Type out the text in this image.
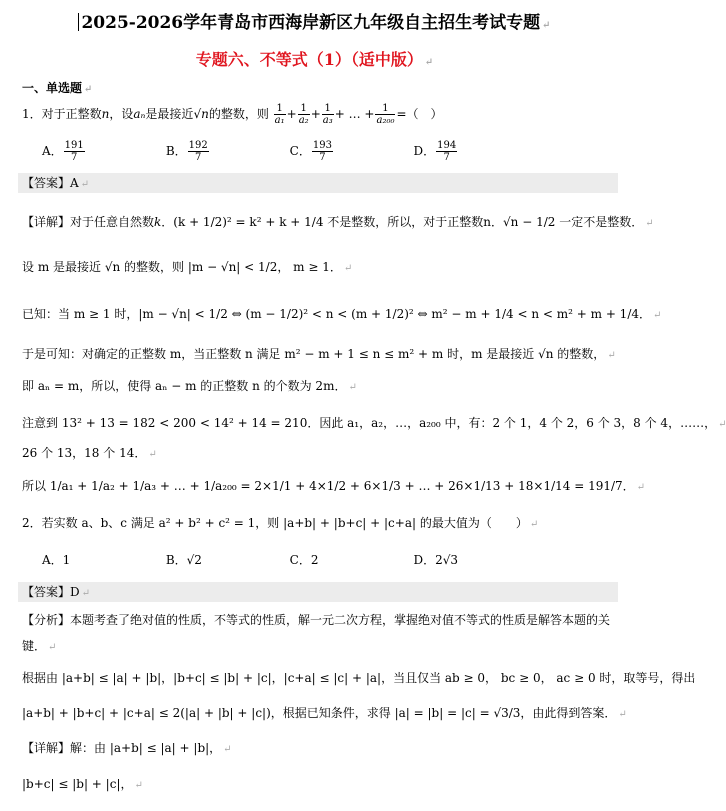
2025-2026学年青岛市西海岸新区九年级自主招生考试专题 ↵
专题六、不等式（1）（适中版） ↵
一、单选题 ↵
1．对于正整数n，设aₙ是最接近√n的整数，则 $\frac{1}{\text{a₁}} + \frac{1}{\text{a₂}} + \frac{1}{\text{a₃}}$ + … + $\frac{1}{\text{a₂₀₀}}$ =（　）
A． $\frac{191}{7}$	B． $\frac{192}{7}$	C． $\frac{193}{7}$	D． $\frac{194}{7}$
【答案】A ↵
【详解】对于任意自然数k．(k + 1/2)² = k² + k + 1/4 不是整数，所以，对于正整数n．√n − 1/2 一定不是整数． ↵
设 m 是最接近 √n 的整数，则 |m − √n| < 1/2， m ≥ 1． ↵
已知：当 m ≥ 1 时，|m − √n| < 1/2 ⇔ (m − 1/2)² < n < (m + 1/2)² ⇔ m² − m + 1/4 < n < m² + m + 1/4． ↵
于是可知：对确定的正整数 m，当正整数 n 满足 m² − m + 1 ≤ n ≤ m² + m 时，m 是最接近 √n 的整数， ↵
即 aₙ = m，所以，使得 aₙ − m 的正整数 n 的个数为 2m． ↵
注意到 13² + 13 = 182 < 200 < 14² + 14 = 210．因此 a₁，a₂，…，a₂₀₀ 中，有：2 个 1，4 个 2，6 个 3，8 个 4，……， ↵
26 个 13，18 个 14． ↵
所以 1/a₁ + 1/a₂ + 1/a₃ + … + 1/a₂₀₀ = 2×1/1 + 4×1/2 + 6×1/3 + … + 26×1/13 + 18×1/14 = 191/7． ↵
2．若实数 a、b、c 满足 a² + b² + c² = 1，则 |a+b| + |b+c| + |c+a| 的最大值为（　　） ↵
A．1	B．√2	C．2	D．2√3
【答案】D ↵
【分析】本题考查了绝对值的性质，不等式的性质，解一元二次方程，掌握绝对值不等式的性质是解答本题的关
键． ↵
根据由 |a+b| ≤ |a| + |b|，|b+c| ≤ |b| + |c|，|c+a| ≤ |c| + |a|，当且仅当 ab ≥ 0， bc ≥ 0， ac ≥ 0 时，取等号，得出
|a+b| + |b+c| + |c+a| ≤ 2(|a| + |b| + |c|)，根据已知条件，求得 |a| = |b| = |c| = √3/3，由此得到答案． ↵
【详解】解：由 |a+b| ≤ |a| + |b|， ↵
|b+c| ≤ |b| + |c|， ↵
